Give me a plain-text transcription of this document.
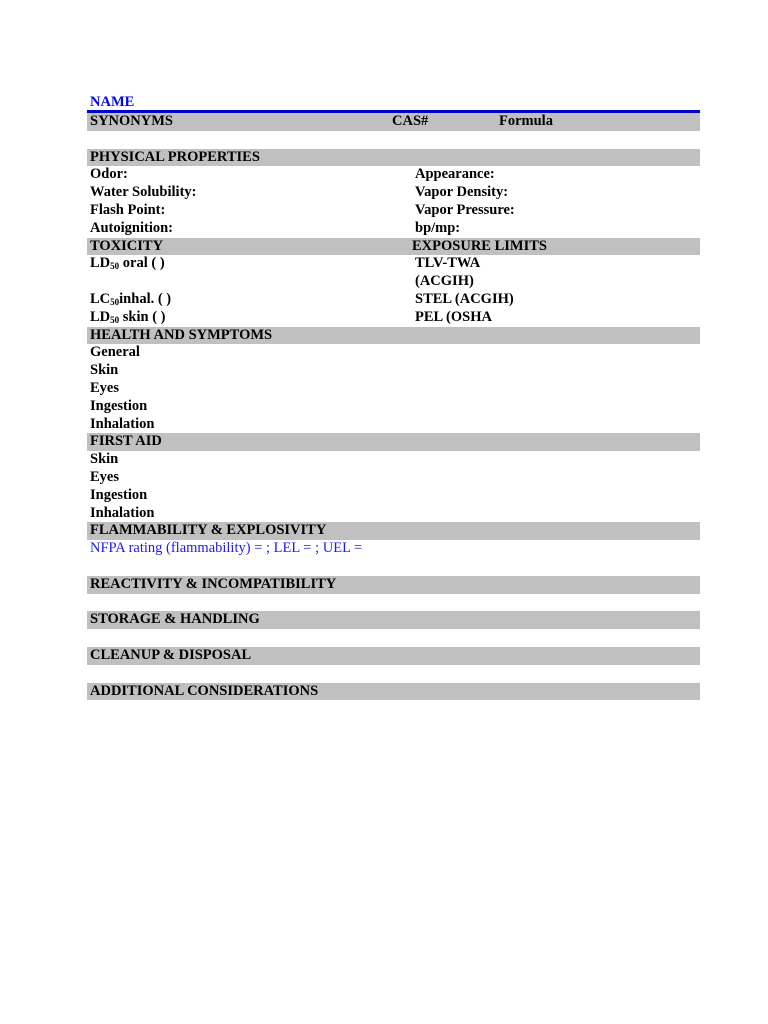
NAME
SYNONYMS	CAS#	Formula
PHYSICAL PROPERTIES
Odor:	Appearance:
Water Solubility:	Vapor Density:
Flash Point:	Vapor Pressure:
Autoignition:	bp/mp:
TOXICITY	EXPOSURE LIMITS
$LD_{50}$ oral ( )	TLV-TWA
(ACGIH)
$LC_{50}inhal$. ( )	STEL (ACGIH)
$LD_{50}$ skin ( )	PEL (OSHA
HEALTH AND SYMPTOMS
General
Skin
Eyes
Ingestion
Inhalation
FIRST AID
Skin
Eyes
Ingestion
Inhalation
FLAMMABILITY & EXPLOSIVITY
NFPA rating (flammability) = ; LEL = ; UEL =
REACTIVITY & INCOMPATIBILITY
STORAGE & HANDLING
CLEANUP & DISPOSAL
ADDITIONAL CONSIDERATIONS
